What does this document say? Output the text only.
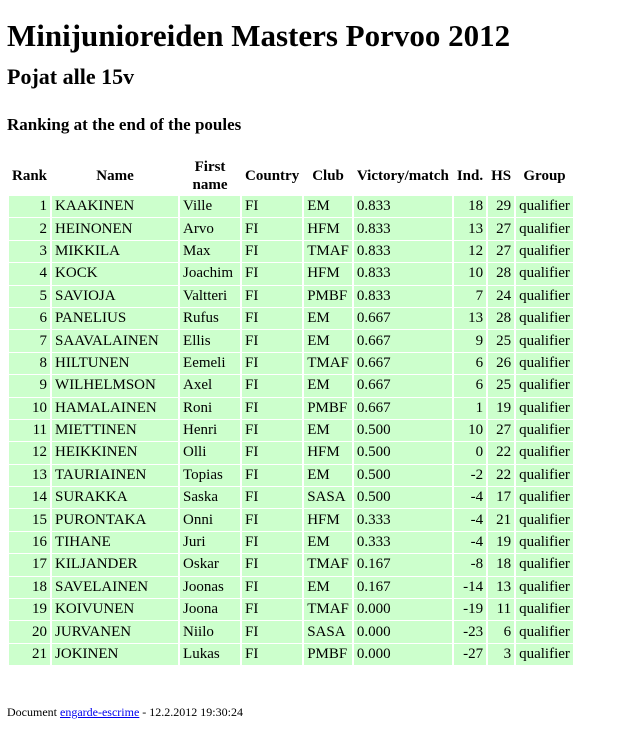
Minijunioreiden Masters Porvoo 2012
Pojat alle 15v
Ranking at the end of the poules
Rank	Name	First name	Country	Club	Victory/match	Ind.	HS	Group
1	KAAKINEN	Ville	FI	EM	0.833	18	29	qualifier
2	HEINONEN	Arvo	FI	HFM	0.833	13	27	qualifier
3	MIKKILA	Max	FI	TMAF	0.833	12	27	qualifier
4	KOCK	Joachim	FI	HFM	0.833	10	28	qualifier
5	SAVIOJA	Valtteri	FI	PMBF	0.833	7	24	qualifier
6	PANELIUS	Rufus	FI	EM	0.667	13	28	qualifier
7	SAAVALAINEN	Ellis	FI	EM	0.667	9	25	qualifier
8	HILTUNEN	Eemeli	FI	TMAF	0.667	6	26	qualifier
9	WILHELMSON	Axel	FI	EM	0.667	6	25	qualifier
10	HAMALAINEN	Roni	FI	PMBF	0.667	1	19	qualifier
11	MIETTINEN	Henri	FI	EM	0.500	10	27	qualifier
12	HEIKKINEN	Olli	FI	HFM	0.500	0	22	qualifier
13	TAURIAINEN	Topias	FI	EM	0.500	-2	22	qualifier
14	SURAKKA	Saska	FI	SASA	0.500	-4	17	qualifier
15	PURONTAKA	Onni	FI	HFM	0.333	-4	21	qualifier
16	TIHANE	Juri	FI	EM	0.333	-4	19	qualifier
17	KILJANDER	Oskar	FI	TMAF	0.167	-8	18	qualifier
18	SAVELAINEN	Joonas	FI	EM	0.167	-14	13	qualifier
19	KOIVUNEN	Joona	FI	TMAF	0.000	-19	11	qualifier
20	JURVANEN	Niilo	FI	SASA	0.000	-23	6	qualifier
21	JOKINEN	Lukas	FI	PMBF	0.000	-27	3	qualifier
Document engarde-escrime - 12.2.2012 19:30:24
